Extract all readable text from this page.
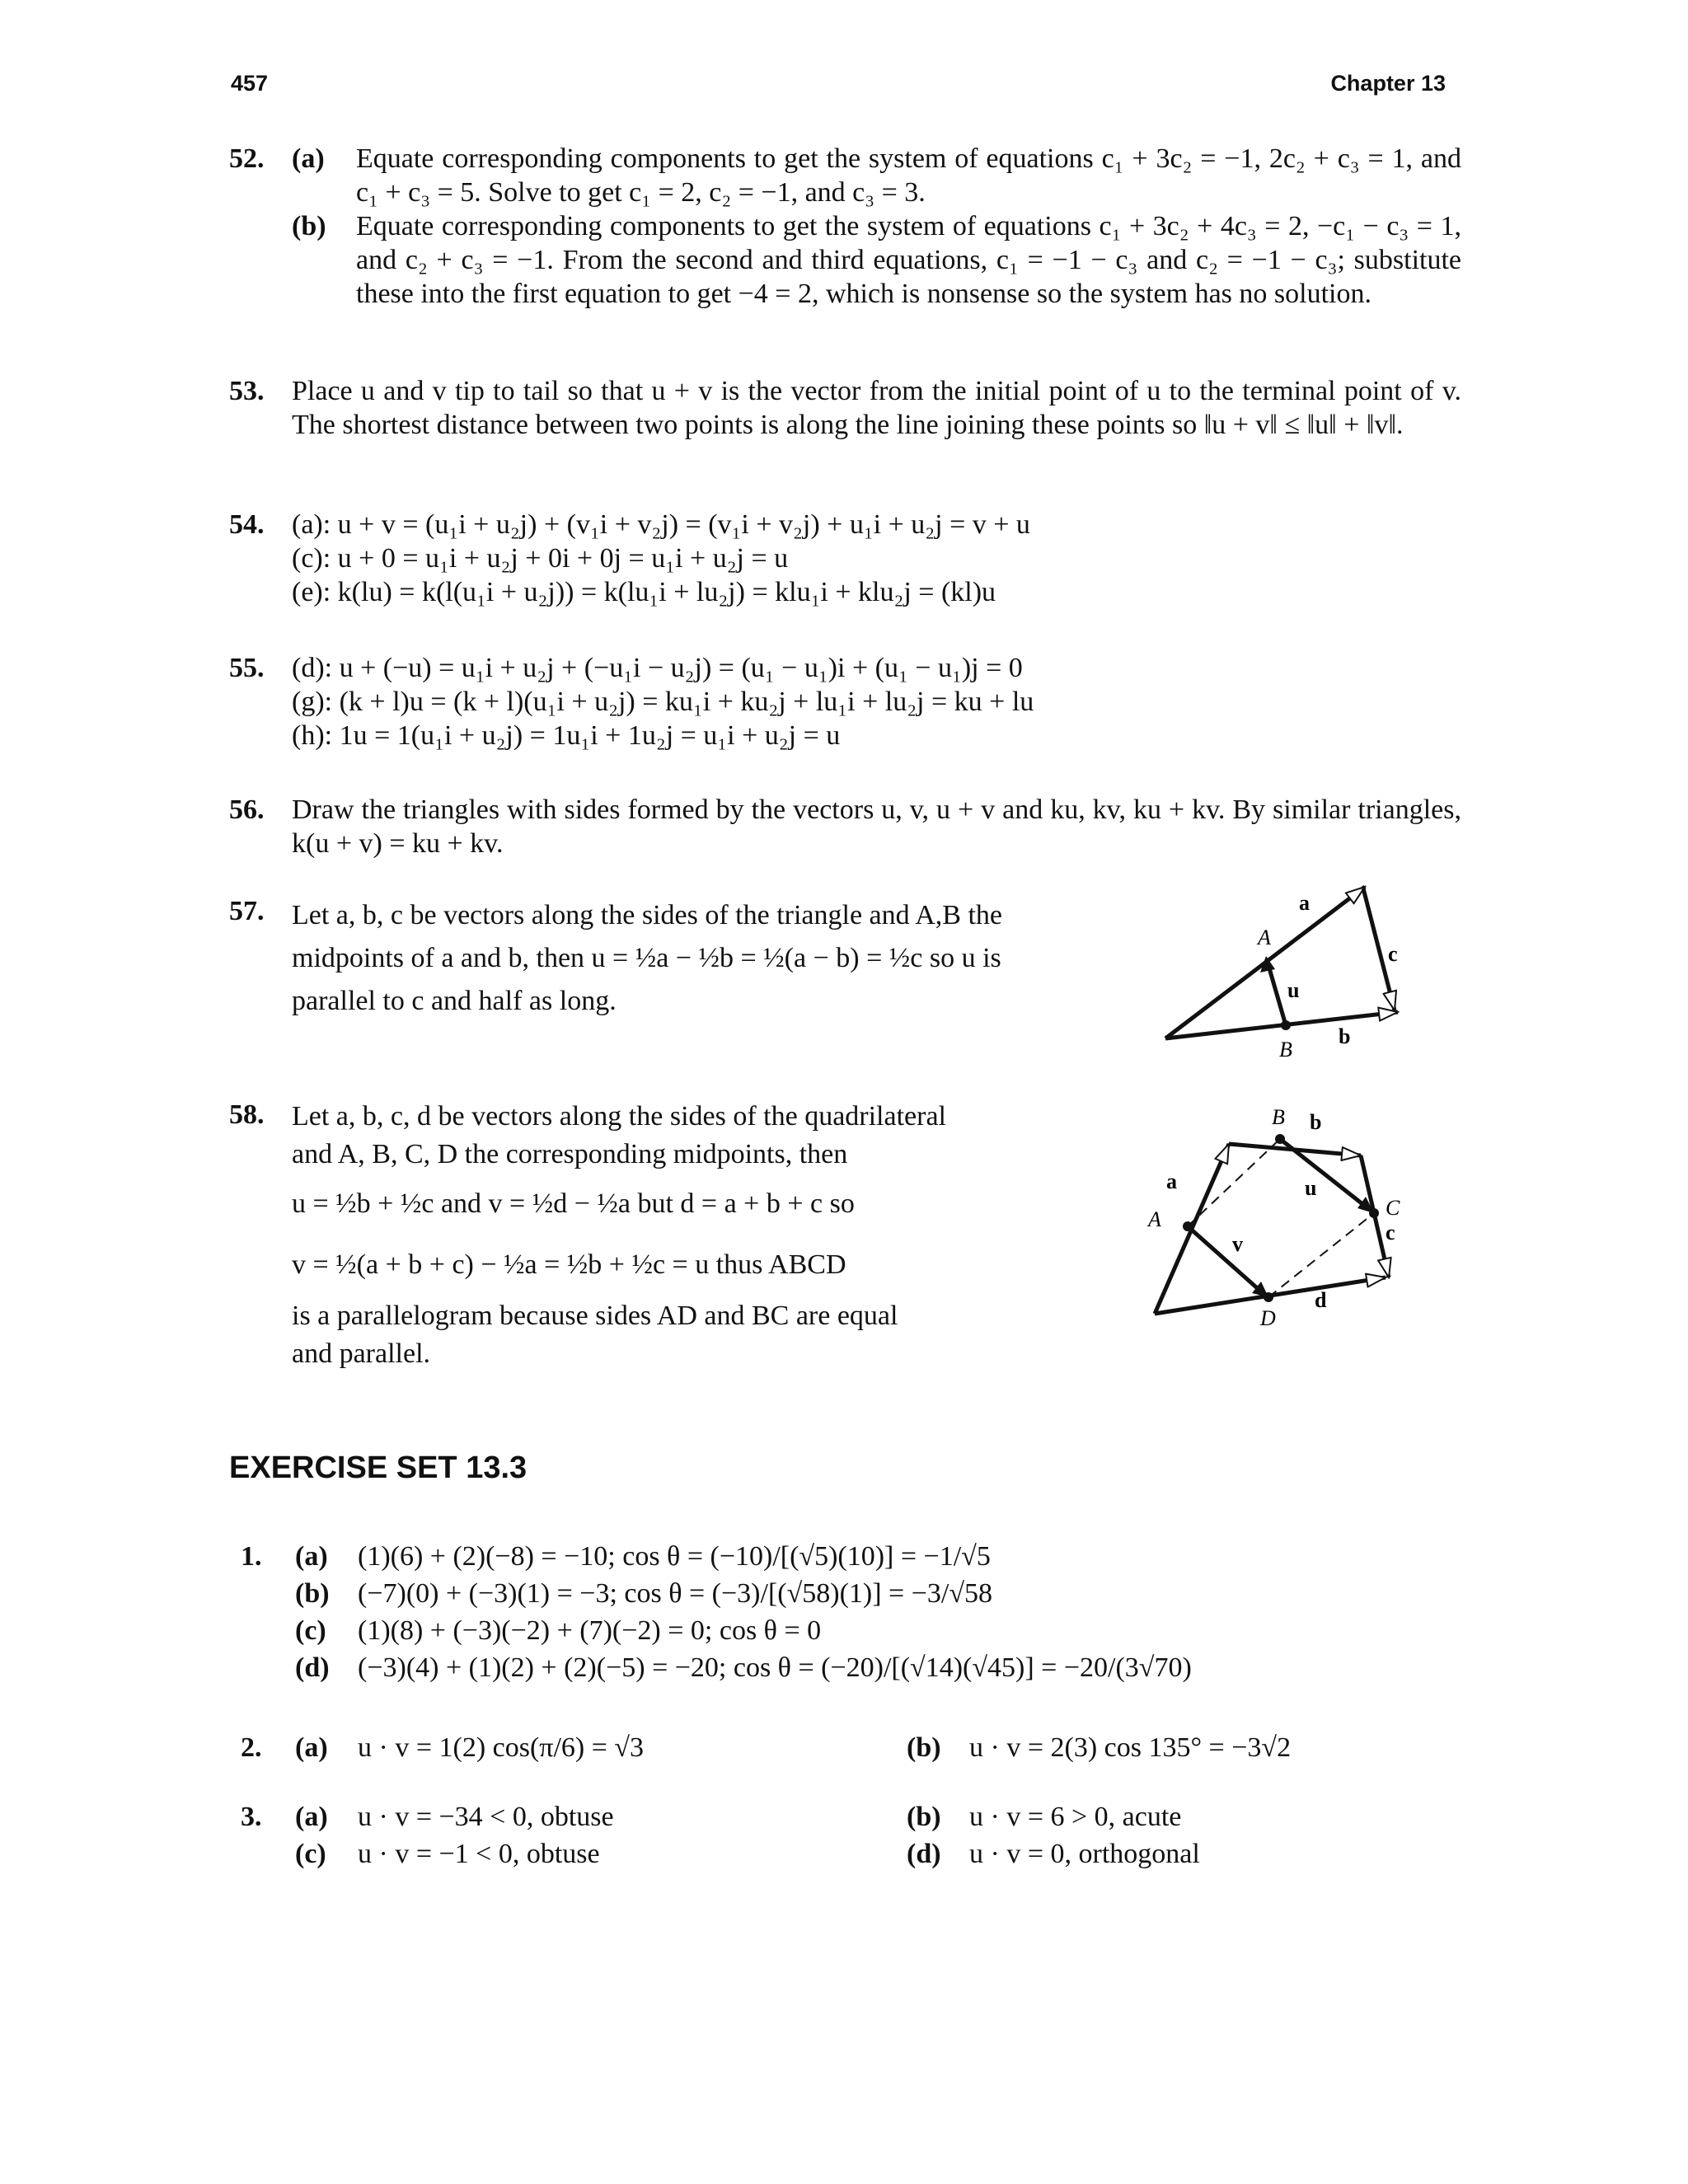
457	Chapter 13
52. (a) Equate corresponding components to get the system of equations c₁ + 3c₂ = −1, 2c₂ + c₃ = 1, and c₁ + c₃ = 5. Solve to get c₁ = 2, c₂ = −1, and c₃ = 3.
(b) Equate corresponding components to get the system of equations c₁ + 3c₂ + 4c₃ = 2, −c₁ − c₃ = 1, and c₂ + c₃ = −1. From the second and third equations, c₁ = −1 − c₃ and c₂ = −1 − c₃; substitute these into the first equation to get −4 = 2, which is nonsense so the system has no solution.
53. Place u and v tip to tail so that u + v is the vector from the initial point of u to the terminal point of v. The shortest distance between two points is along the line joining these points so ‖u + v‖ ≤ ‖u‖ + ‖v‖.
54. (a): u + v = (u₁i + u₂j) + (v₁i + v₂j) = (v₁i + v₂j) + u₁i + u₂j = v + u
(c): u + 0 = u₁i + u₂j + 0i + 0j = u₁i + u₂j = u
(e): k(lu) = k(l(u₁i + u₂j)) = k(lu₁i + lu₂j) = klu₁i + klu₂j = (kl)u
55. (d): u + (−u) = u₁i + u₂j + (−u₁i − u₂j) = (u₁ − u₁)i + (u₁ − u₁)j = 0
(g): (k + l)u = (k + l)(u₁i + u₂j) = ku₁i + ku₂j + lu₁i + lu₂j = ku + lu
(h): 1u = 1(u₁i + u₂j) = 1u₁i + 1u₂j = u₁i + u₂j = u
56. Draw the triangles with sides formed by the vectors u, v, u + v and ku, kv, ku + kv. By similar triangles, k(u + v) = ku + kv.
57. Let a, b, c be vectors along the sides of the triangle and A,B the
midpoints of a and b, then u = ½a − ½b = ½(a − b) = ½c so u is
parallel to c and half as long.
a
A
c
u
B
b
58. Let a, b, c, d be vectors along the sides of the quadrilateral
and A, B, C, D the corresponding midpoints, then
u = ½b + ½c and v = ½d − ½a but d = a + b + c so
v = ½(a + b + c) − ½a = ½b + ½c = u thus ABCD
is a parallelogram because sides AD and BC are equal
and parallel.
B b
a	u
A	C
c
v
d
D
EXERCISE SET 13.3
1. (a) (1)(6) + (2)(−8) = −10; cos θ = (−10)/[(√5)(10)] = −1/√5
(b) (−7)(0) + (−3)(1) = −3; cos θ = (−3)/[(√58)(1)] = −3/√58
(c) (1)(8) + (−3)(−2) + (7)(−2) = 0; cos θ = 0
(d) (−3)(4) + (1)(2) + (2)(−5) = −20; cos θ = (−20)/[(√14)(√45)] = −20/(3√70)
2. (a) u · v = 1(2) cos(π/6) = √3	(b) u · v = 2(3) cos 135° = −3√2
3. (a) u · v = −34 < 0, obtuse	(b) u · v = 6 > 0, acute
(c) u · v = −1 < 0, obtuse	(d) u · v = 0, orthogonal
